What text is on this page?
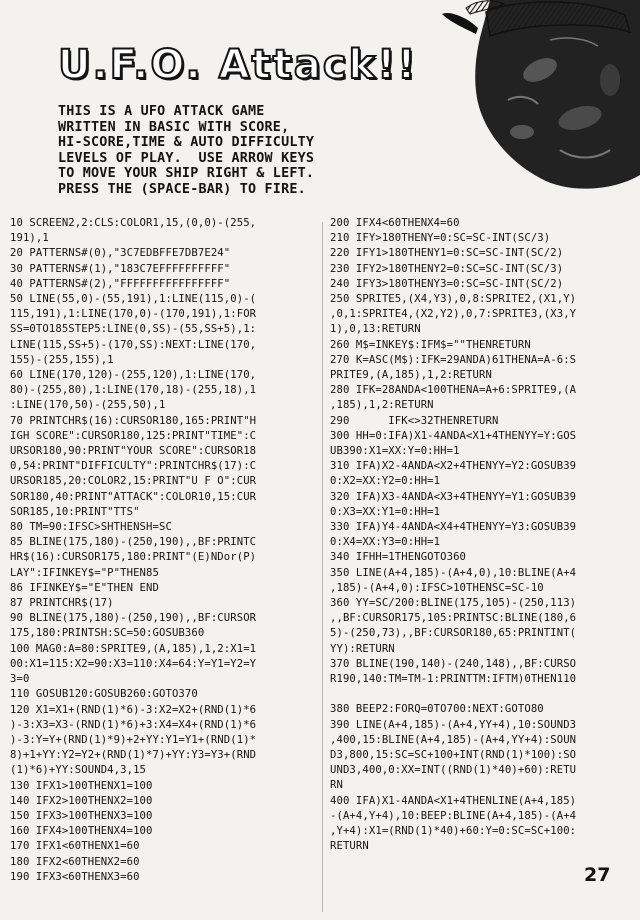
U.F.O. Attack!!
THIS IS A UFO ATTACK GAME
WRITTEN IN BASIC WITH SCORE,
HI-SCORE,TIME & AUTO DIFFICULTY
LEVELS OF PLAY.  USE ARROW KEYS
TO MOVE YOUR SHIP RIGHT & LEFT.
PRESS THE (SPACE-BAR) TO FIRE.
10 SCREEN2,2:CLS:COLOR1,15,(0,0)-(255,
191),1
20 PATTERNS#(0),"3C7EDBFFE7DB7E24"
30 PATTERNS#(1),"183C7EFFFFFFFFFF"
40 PATTERNS#(2),"FFFFFFFFFFFFFFFF"
50 LINE(55,0)-(55,191),1:LINE(115,0)-(
115,191),1:LINE(170,0)-(170,191),1:FOR
SS=0TO185STEP5:LINE(0,SS)-(55,SS+5),1:
LINE(115,SS+5)-(170,SS):NEXT:LINE(170,
155)-(255,155),1
60 LINE(170,120)-(255,120),1:LINE(170,
80)-(255,80),1:LINE(170,18)-(255,18),1
:LINE(170,50)-(255,50),1
70 PRINTCHR$(16):CURSOR180,165:PRINT"H
IGH SCORE":CURSOR180,125:PRINT"TIME":C
URSOR180,90:PRINT"YOUR SCORE":CURSOR18
0,54:PRINT"DIFFICULTY":PRINTCHR$(17):C
URSOR185,20:COLOR2,15:PRINT"U F O":CUR
SOR180,40:PRINT"ATTACK":COLOR10,15:CUR
SOR185,10:PRINT"TTS"
80 TM=90:IFSC>SHTHENSH=SC
85 BLINE(175,180)-(250,190),,BF:PRINTC
HR$(16):CURSOR175,180:PRINT"(E)NDor(P)
LAY":IFINKEY$="P"THEN85
86 IFINKEY$="E"THEN END
87 PRINTCHR$(17)
90 BLINE(175,180)-(250,190),,BF:CURSOR
175,180:PRINTSH:SC=50:GOSUB360
100 MAG0:A=80:SPRITE9,(A,185),1,2:X1=1
00:X1=115:X2=90:X3=110:X4=64:Y=Y1=Y2=Y
3=0
110 GOSUB120:GOSUB260:GOTO370
120 X1=X1+(RND(1)*6)-3:X2=X2+(RND(1)*6
)-3:X3=X3-(RND(1)*6)+3:X4=X4+(RND(1)*6
)-3:Y=Y+(RND(1)*9)+2+YY:Y1=Y1+(RND(1)*
8)+1+YY:Y2=Y2+(RND(1)*7)+YY:Y3=Y3+(RND
(1)*6)+YY:SOUND4,3,15
130 IFX1>100THENX1=100
140 IFX2>100THENX2=100
150 IFX3>100THENX3=100
160 IFX4>100THENX4=100
170 IFX1<60THENX1=60
180 IFX2<60THENX2=60
190 IFX3<60THENX3=60
200 IFX4<60THENX4=60
210 IFY>180THENY=0:SC=SC-INT(SC/3)
220 IFY1>180THENY1=0:SC=SC-INT(SC/2)
230 IFY2>180THENY2=0:SC=SC-INT(SC/3)
240 IFY3>180THENY3=0:SC=SC-INT(SC/2)
250 SPRITE5,(X4,Y3),0,8:SPRITE2,(X1,Y)
,0,1:SPRITE4,(X2,Y2),0,7:SPRITE3,(X3,Y
1),0,13:RETURN
260 M$=INKEY$:IFM$=""THENRETURN
270 K=ASC(M$):IFK=29ANDA)61THENA=A-6:S
PRITE9,(A,185),1,2:RETURN
280 IFK=28ANDA<100THENA=A+6:SPRITE9,(A
,185),1,2:RETURN
290      IFK<>32THENRETURN
300 HH=0:IFA)X1-4ANDA<X1+4THENYY=Y:GOS
UB390:X1=XX:Y=0:HH=1
310 IFA)X2-4ANDA<X2+4THENYY=Y2:GOSUB39
0:X2=XX:Y2=0:HH=1
320 IFA)X3-4ANDA<X3+4THENYY=Y1:GOSUB39
0:X3=XX:Y1=0:HH=1
330 IFA)Y4-4ANDA<X4+4THENYY=Y3:GOSUB39
0:X4=XX:Y3=0:HH=1
340 IFHH=1THENGOTO360
350 LINE(A+4,185)-(A+4,0),10:BLINE(A+4
,185)-(A+4,0):IFSC>10THENSC=SC-10
360 YY=SC/200:BLINE(175,105)-(250,113)
,,BF:CURSOR175,105:PRINTSC:BLINE(180,6
5)-(250,73),,BF:CURSOR180,65:PRINTINT(
YY):RETURN
370 BLINE(190,140)-(240,148),,BF:CURSO
R190,140:TM=TM-1:PRINTTM:IFTM)0THEN110
380 BEEP2:FORQ=0TO700:NEXT:GOTO80
390 LINE(A+4,185)-(A+4,YY+4),10:SOUND3
,400,15:BLINE(A+4,185)-(A+4,YY+4):SOUN
D3,800,15:SC=SC+100+INT(RND(1)*100):SO
UND3,400,0:XX=INT((RND(1)*40)+60):RETU
RN
400 IFA)X1-4ANDA<X1+4THENLINE(A+4,185)
-(A+4,Y+4),10:BEEP:BLINE(A+4,185)-(A+4
,Y+4):X1=(RND(1)*40)+60:Y=0:SC=SC+100:
RETURN
27
